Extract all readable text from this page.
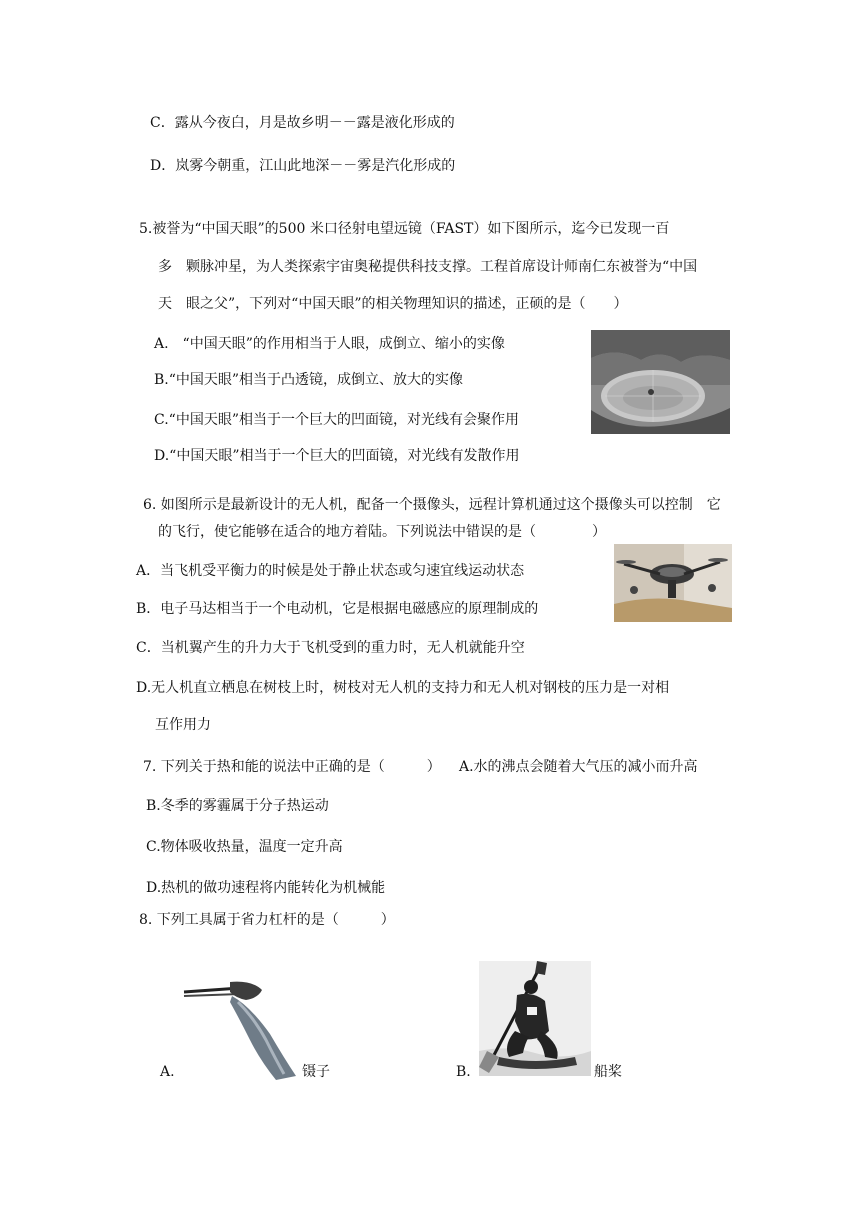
C．露从今夜白，月是故乡明－－露是液化形成的
D．岚雾今朝重，江山此地深－－雾是汽化形成的
5.被誉为“中国天眼”的500 米口径射电望远镜（FAST）如下图所示，迄今已发现一百
多　颗脉冲星，为人类探索宇宙奥秘提供科技支撑。工程首席设计师南仁东被誉为“中国
天　眼之父”，下列对“中国天眼”的相关物理知识的描述，正硕的是（　　）
A.　“中国天眼”的作用相当于人眼，成倒立、缩小的实像
B.“中国天眼”相当于凸透镜，成倒立、放大的实像
C.“中国天眼”相当于一个巨大的凹面镜，对光线有会聚作用
D.“中国天眼”相当于一个巨大的凹面镜，对光线有发散作用
6. 如图所示是最新设计的无人机，配备一个摄像头，远程计算机通过这个摄像头可以控制　它
的飞行，使它能够在适合的地方着陆。下列说法中错误的是（　　　　）
A．当飞机受平衡力的时候是处于静止状态或匀速宜线运动状态
B．电子马达相当于一个电动机，它是根据电磁感应的原理制成的
C．当机翼产生的升力大于飞机受到的重力时，无人机就能升空
D.无人机直立栖息在树枝上时，树枝对无人机的支持力和无人机对钢枝的压力是一对相
互作用力
7. 下列关于热和能的说法中正确的是（　　　） A.水的沸点会随着大气压的减小而升高
B.冬季的雾霾属于分子热运动
C.物体吸收热量，温度一定升高
D.热机的做功速程将内能转化为机械能
8. 下列工具属于省力杠杆的是（　　　）
A.	镊子	B.	船桨
